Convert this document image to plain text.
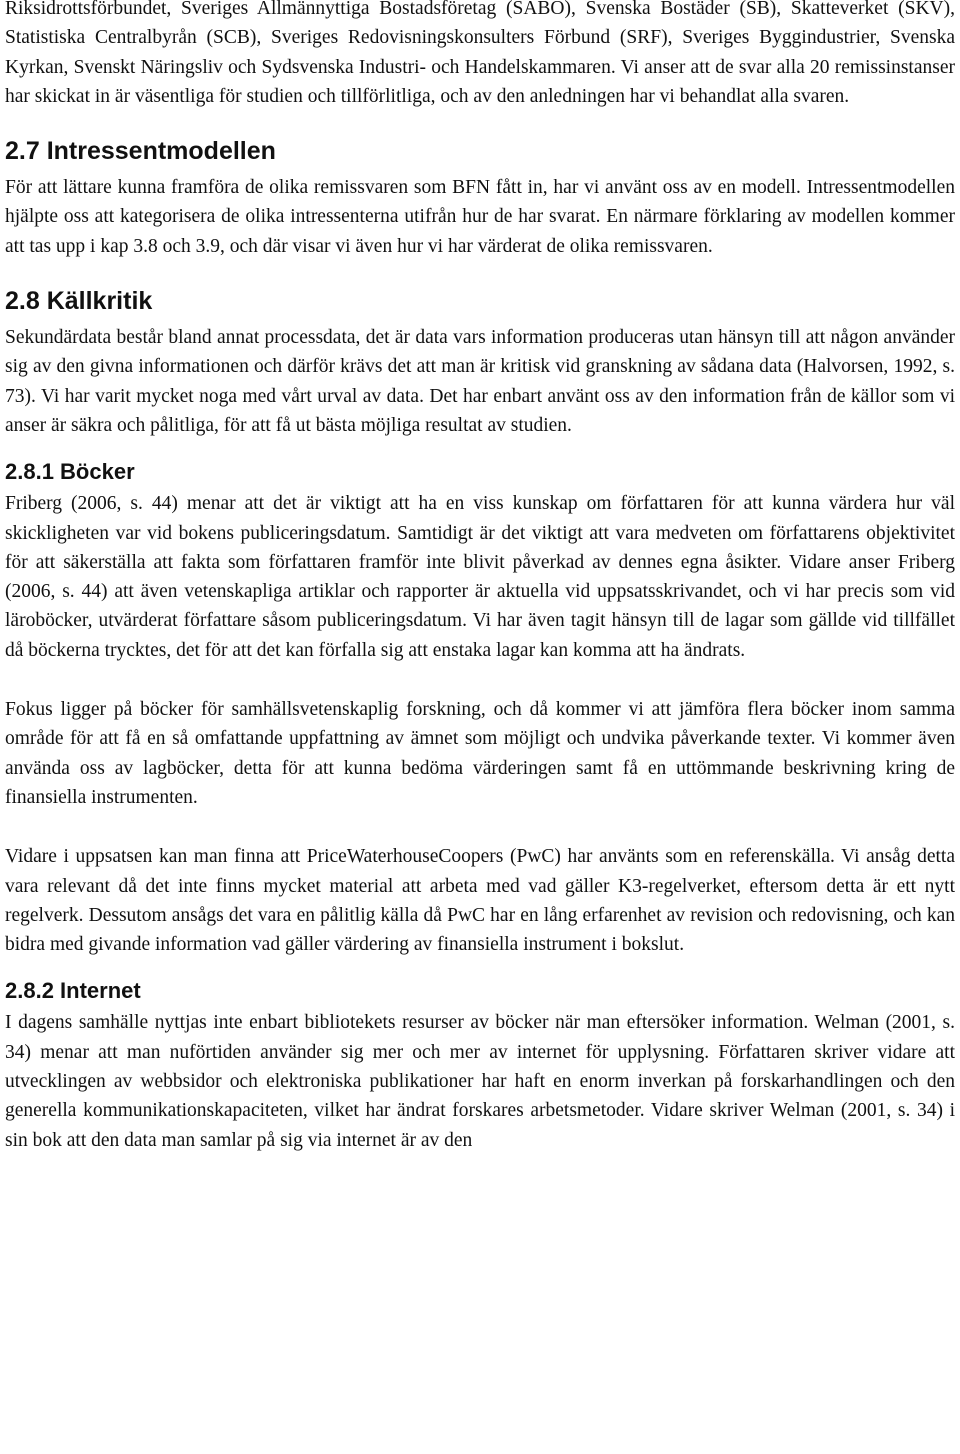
Riksidrottsförbundet, Sveriges Allmännyttiga Bostadsföretag (SABO), Svenska Bostäder (SB), Skatteverket (SKV), Statistiska Centralbyrån (SCB), Sveriges Redovisningskonsulters Förbund (SRF), Sveriges Byggindustrier, Svenska Kyrkan, Svenskt Näringsliv och Sydsvenska Industri- och Handelskammaren. Vi anser att de svar alla 20 remissinstanser har skickat in är väsentliga för studien och tillförlitliga, och av den anledningen har vi behandlat alla svaren.

2.7 Intressentmodellen

För att lättare kunna framföra de olika remissvaren som BFN fått in, har vi använt oss av en modell. Intressentmodellen hjälpte oss att kategorisera de olika intressenterna utifrån hur de har svarat. En närmare förklaring av modellen kommer att tas upp i kap 3.8 och 3.9, och där visar vi även hur vi har värderat de olika remissvaren.

2.8 Källkritik

Sekundärdata består bland annat processdata, det är data vars information produceras utan hänsyn till att någon använder sig av den givna informationen och därför krävs det att man är kritisk vid granskning av sådana data (Halvorsen, 1992, s. 73). Vi har varit mycket noga med vårt urval av data. Det har enbart använt oss av den information från de källor som vi anser är säkra och pålitliga, för att få ut bästa möjliga resultat av studien.

2.8.1 Böcker

Friberg (2006, s. 44) menar att det är viktigt att ha en viss kunskap om författaren för att kunna värdera hur väl skickligheten var vid bokens publiceringsdatum. Samtidigt är det viktigt att vara medveten om författarens objektivitet för att säkerställa att fakta som författaren framför inte blivit påverkad av dennes egna åsikter. Vidare anser Friberg (2006, s. 44) att även vetenskapliga artiklar och rapporter är aktuella vid uppsatsskrivandet, och vi har precis som vid läroböcker, utvärderat författare såsom publiceringsdatum. Vi har även tagit hänsyn till de lagar som gällde vid tillfället då böckerna trycktes, det för att det kan förfalla sig att enstaka lagar kan komma att ha ändrats.

Fokus ligger på böcker för samhällsvetenskaplig forskning, och då kommer vi att jämföra flera böcker inom samma område för att få en så omfattande uppfattning av ämnet som möjligt och undvika påverkande texter. Vi kommer även använda oss av lagböcker, detta för att kunna bedöma värderingen samt få en uttömmande beskrivning kring de finansiella instrumenten.

Vidare i uppsatsen kan man finna att PriceWaterhouseCoopers (PwC) har använts som en referenskälla. Vi ansåg detta vara relevant då det inte finns mycket material att arbeta med vad gäller K3-regelverket, eftersom detta är ett nytt regelverk. Dessutom ansågs det vara en pålitlig källa då PwC har en lång erfarenhet av revision och redovisning, och kan bidra med givande information vad gäller värdering av finansiella instrument i bokslut.

2.8.2 Internet

I dagens samhälle nyttjas inte enbart bibliotekets resurser av böcker när man eftersöker information. Welman (2001, s. 34) menar att man nuförtiden använder sig mer och mer av internet för upplysning. Författaren skriver vidare att utvecklingen av webbsidor och elektroniska publikationer har haft en enorm inverkan på forskarhandlingen och den generella kommunikationskapaciteten, vilket har ändrat forskares arbetsmetoder. Vidare skriver Welman (2001, s. 34) i sin bok att den data man samlar på sig via internet är av den
